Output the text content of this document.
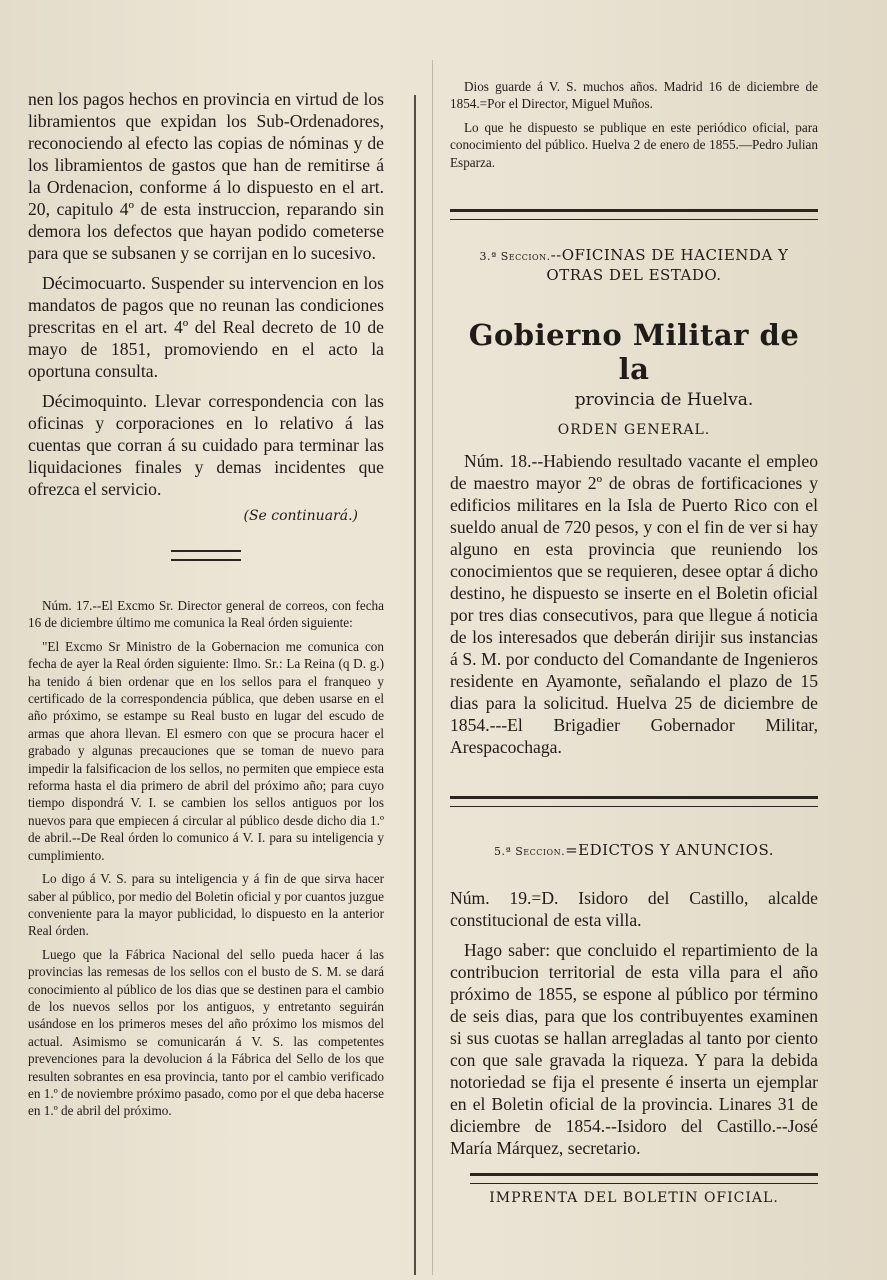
nen los pagos hechos en provincia en virtud de los libramientos que expidan los Sub-Ordenadores, reconociendo al efecto las copias de nóminas y de los libramientos de gastos que han de remitirse á la Ordenacion, conforme á lo dispuesto en el art. 20, capitulo 4º de esta instruccion, reparando sin demora los defectos que hayan podido cometerse para que se subsanen y se corrijan en lo sucesivo.

Décimocuarto. Suspender su intervencion en los mandatos de pagos que no reunan las condiciones prescritas en el art. 4º del Real decreto de 10 de mayo de 1851, promoviendo en el acto la oportuna consulta.

Décimoquinto. Llevar correspondencia con las oficinas y corporaciones en lo relativo á las cuentas que corran á su cuidado para terminar las liquidaciones finales y demas incidentes que ofrezca el servicio.

(Se continuará.)

Núm. 17.--El Excmo Sr. Director general de correos, con fecha 16 de diciembre último me comunica la Real órden siguiente:

"El Excmo Sr Ministro de la Gobernacion me comunica con fecha de ayer la Real órden siguiente: Ilmo. Sr.: La Reina (q D. g.) ha tenido á bien ordenar que en los sellos para el franqueo y certificado de la correspondencia pública, que deben usarse en el año próximo, se estampe su Real busto en lugar del escudo de armas que ahora llevan. El esmero con que se procura hacer el grabado y algunas precauciones que se toman de nuevo para impedir la falsificacion de los sellos, no permiten que empiece esta reforma hasta el dia primero de abril del próximo año; para cuyo tiempo dispondrá V. I. se cambien los sellos antiguos por los nuevos para que empiecen á circular al público desde dicho dia 1.º de abril.--De Real órden lo comunico á V. I. para su inteligencia y cumplimiento.

Lo digo á V. S. para su inteligencia y á fin de que sirva hacer saber al público, por medio del Boletin oficial y por cuantos juzgue conveniente para la mayor publicidad, lo dispuesto en la anterior Real órden.

Luego que la Fábrica Nacional del sello pueda hacer á las provincias las remesas de los sellos con el busto de S. M. se dará conocimiento al público de los dias que se destinen para el cambio de los nuevos sellos por los antiguos, y entretanto seguirán usándose en los primeros meses del año próximo los mismos del actual. Asimismo se comunicarán á V. S. las competentes prevenciones para la devolucion á la Fábrica del Sello de los que resulten sobrantes en esa provincia, tanto por el cambio verificado en 1.º de noviembre próximo pasado, como por el que deba hacerse en 1.º de abril del próximo.

Dios guarde á V. S. muchos años. Madrid 16 de diciembre de 1854.=Por el Director, Miguel Muños.

Lo que he dispuesto se publique en este periódico oficial, para conocimiento del público. Huelva 2 de enero de 1855.—Pedro Julian Esparza.

3.ª Seccion.--OFICINAS DE HACIENDA Y OTRAS DEL ESTADO.
Gobierno Militar de la
provincia de Huelva.
ORDEN GENERAL.

Núm. 18.--Habiendo resultado vacante el empleo de maestro mayor 2º de obras de fortificaciones y edificios militares en la Isla de Puerto Rico con el sueldo anual de 720 pesos, y con el fin de ver si hay alguno en esta provincia que reuniendo los conocimientos que se requieren, desee optar á dicho destino, he dispuesto se inserte en el Boletin oficial por tres dias consecutivos, para que llegue á noticia de los interesados que deberán dirijir sus instancias á S. M. por conducto del Comandante de Ingenieros residente en Ayamonte, señalando el plazo de 15 dias para la solicitud. Huelva 25 de diciembre de 1854.---El Brigadier Gobernador Militar, Arespacochaga.

5.ª Seccion.=EDICTOS Y ANUNCIOS.

Núm. 19.=D. Isidoro del Castillo, alcalde constitucional de esta villa.

Hago saber: que concluido el repartimiento de la contribucion territorial de esta villa para el año próximo de 1855, se espone al público por término de seis dias, para que los contribuyentes examinen si sus cuotas se hallan arregladas al tanto por ciento con que sale gravada la riqueza. Y para la debida notoriedad se fija el presente é inserta un ejemplar en el Boletin oficial de la provincia. Linares 31 de diciembre de 1854.--Isidoro del Castillo.--José María Márquez, secretario.

IMPRENTA DEL BOLETIN OFICIAL.
